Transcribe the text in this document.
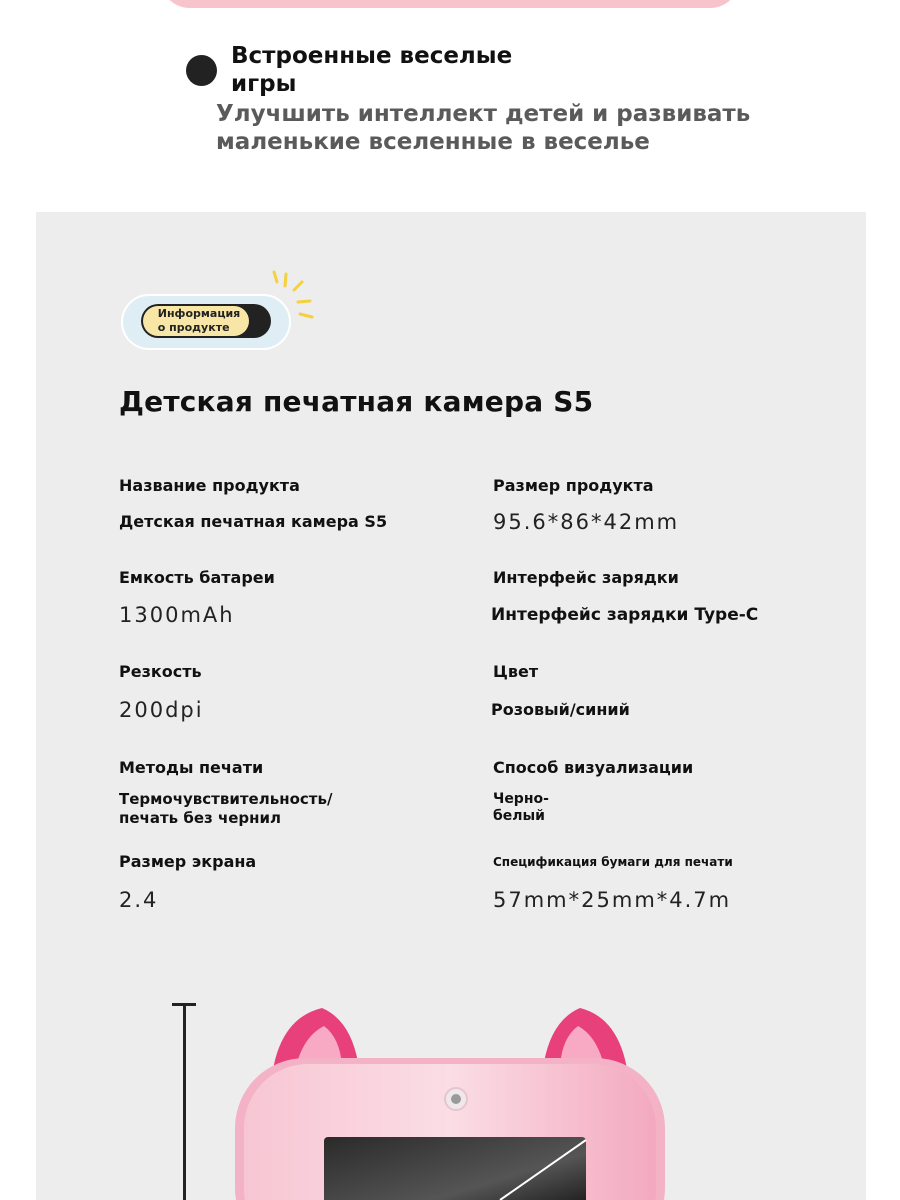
Встроенные веселые игры
Улучшить интеллект детей и развивать маленькие вселенные в веселье
Информация
о продукте
Детская печатная камера S5
Название продукта
Детская печатная камера S5
Размер продукта
95.6*86*42mm
Емкость батареи
1300mAh
Интерфейс зарядки
Интерфейс зарядки Type-C
Резкость
200dpi
Цвет
Розовый/синий
Методы печати
Термочувствительность/
печать без чернил
Способ визуализации
Черно-
белый
Размер экрана
2.4
Спецификация бумаги для печати
57mm*25mm*4.7m
